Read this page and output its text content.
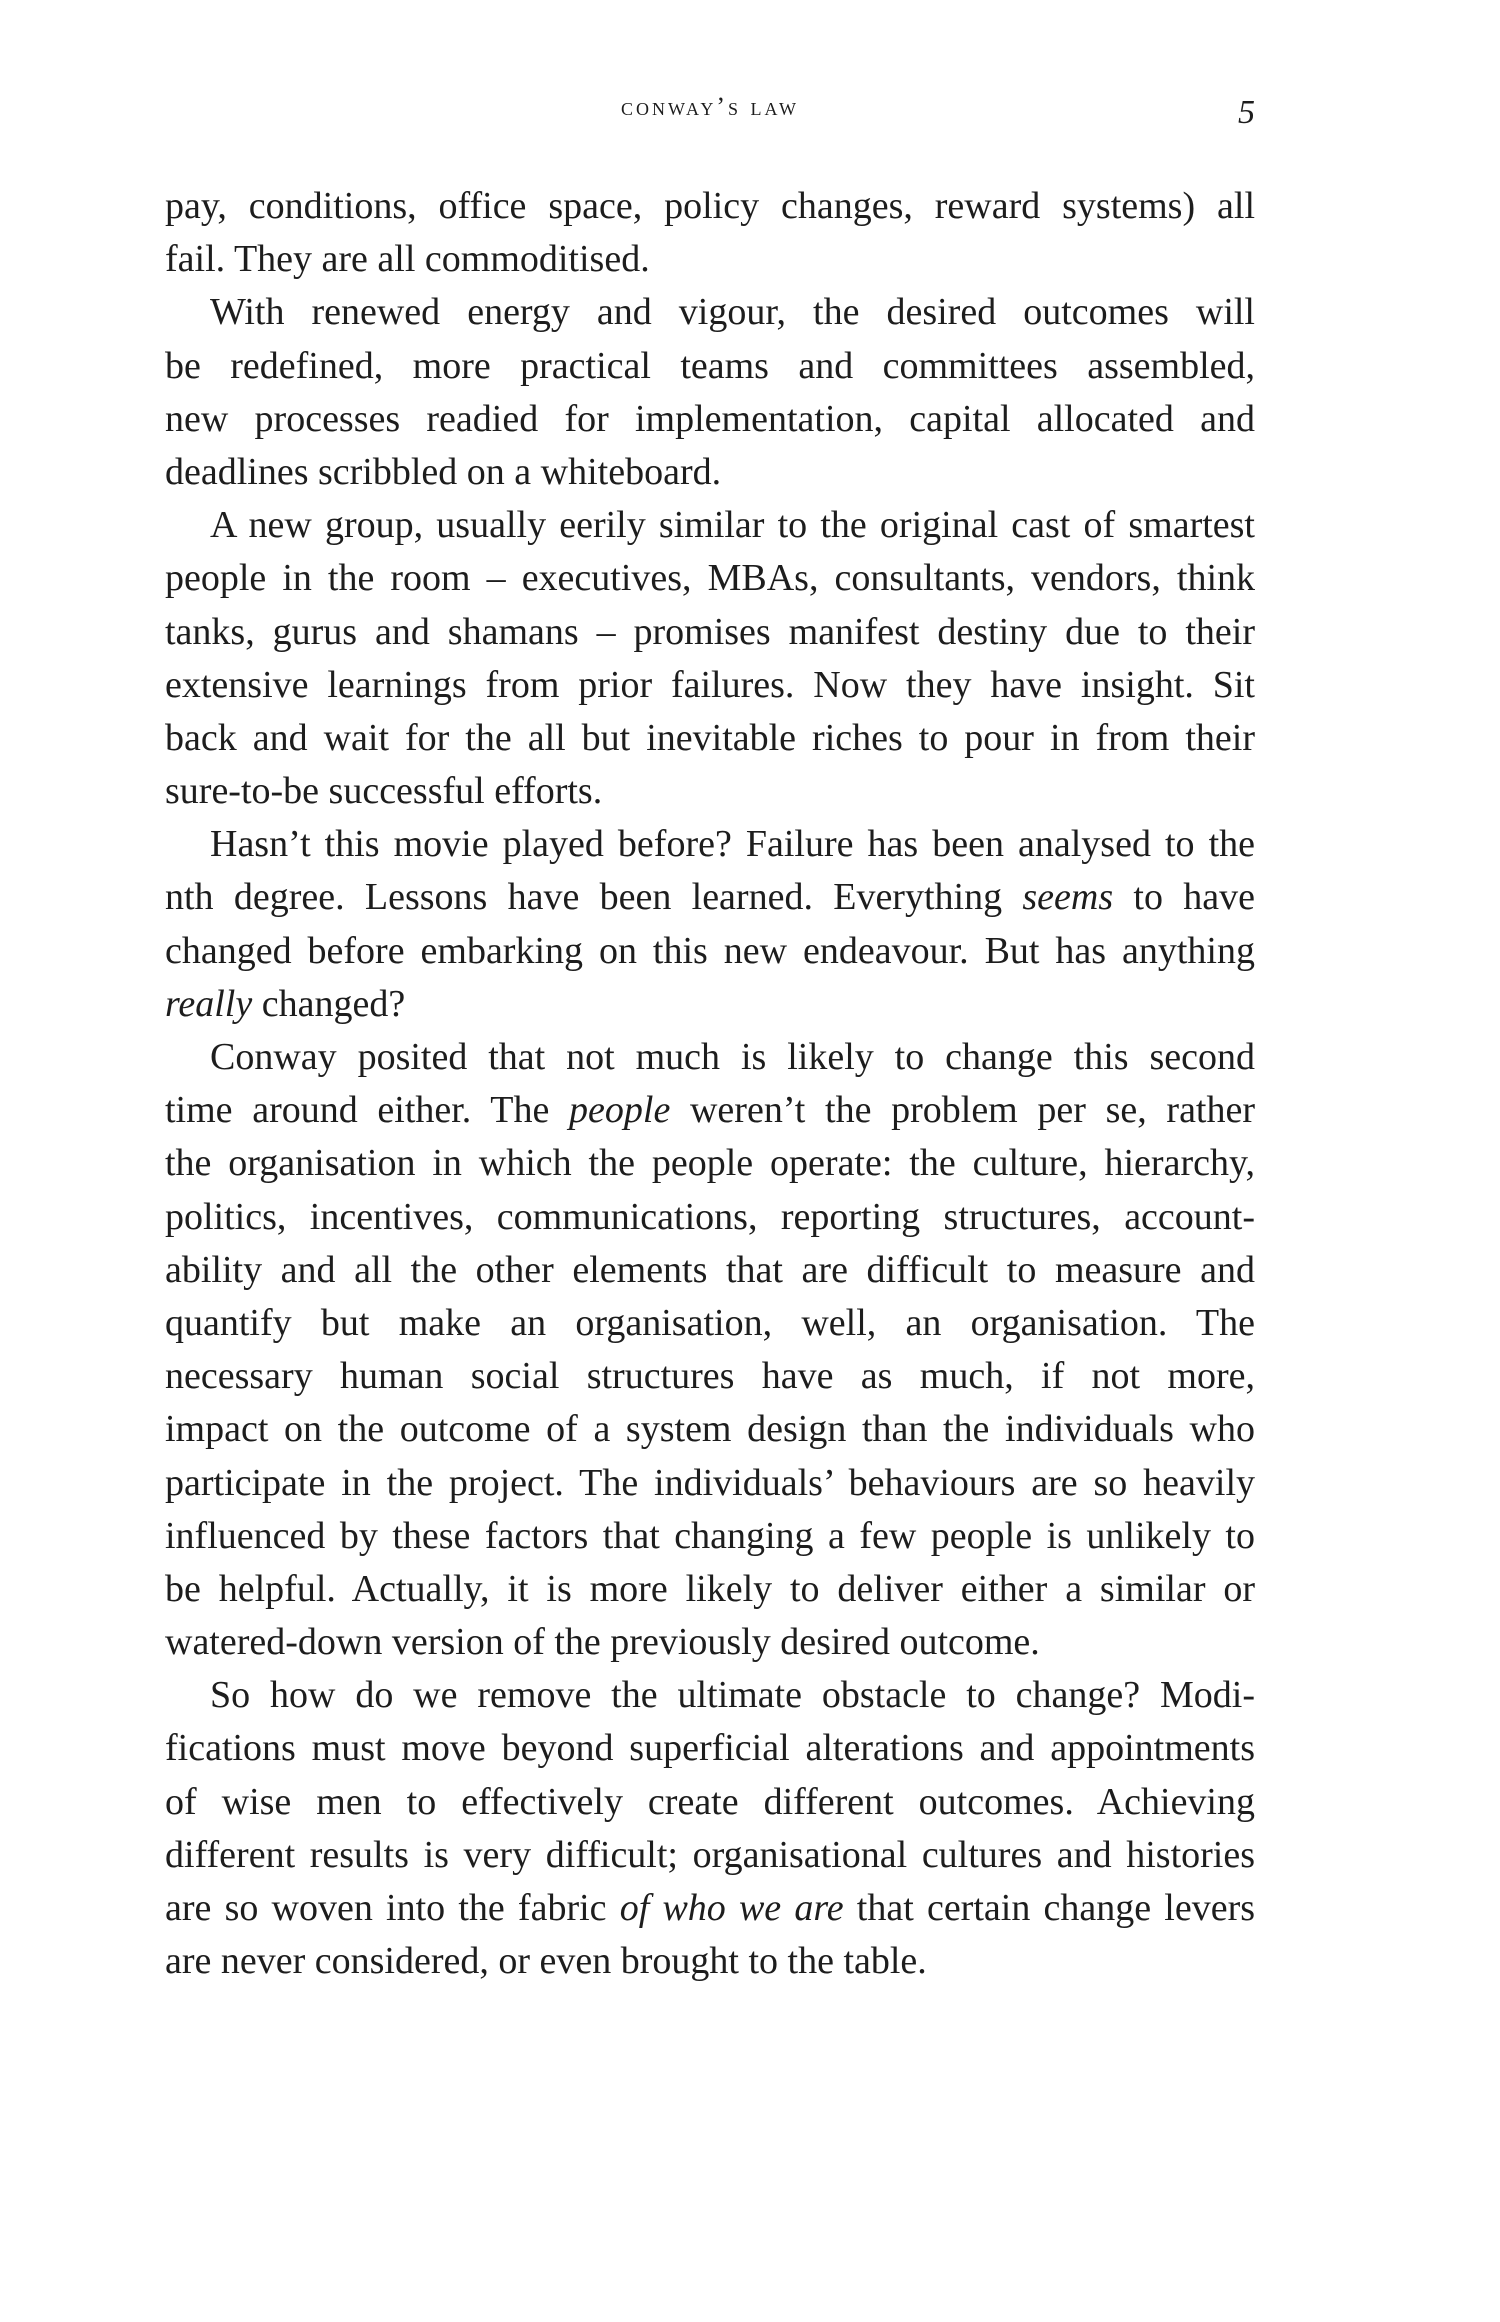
conway’s law	5
pay, conditions, office space, policy changes, reward systems) all
fail. They are all commoditised.
With renewed energy and vigour, the desired outcomes will
be redefined, more practical teams and committees assembled,
new processes readied for implementation, capital allocated and
deadlines scribbled on a whiteboard.
A new group, usually eerily similar to the original cast of smartest
people in the room – executives, MBAs, consultants, vendors, think
tanks, gurus and shamans – promises manifest destiny due to their
extensive learnings from prior failures. Now they have insight. Sit
back and wait for the all but inevitable riches to pour in from their
sure-to-be successful efforts.
Hasn’t this movie played before? Failure has been analysed to the
nth degree. Lessons have been learned. Everything seems to have
changed before embarking on this new endeavour. But has anything
really changed?
Conway posited that not much is likely to change this second
time around either. The people weren’t the problem per se, rather
the organisation in which the people operate: the culture, hierarchy,
politics, incentives, communications, reporting structures, account-
ability and all the other elements that are difficult to measure and
quantify but make an organisation, well, an organisation. The
necessary human social structures have as much, if not more,
impact on the outcome of a system design than the individuals who
participate in the project. The individuals’ behaviours are so heavily
influenced by these factors that changing a few people is unlikely to
be helpful. Actually, it is more likely to deliver either a similar or
watered-down version of the previously desired outcome.
So how do we remove the ultimate obstacle to change? Modi-
fications must move beyond superficial alterations and appointments
of wise men to effectively create different outcomes. Achieving
different results is very difficult; organisational cultures and histories
are so woven into the fabric of who we are that certain change levers
are never considered, or even brought to the table.
